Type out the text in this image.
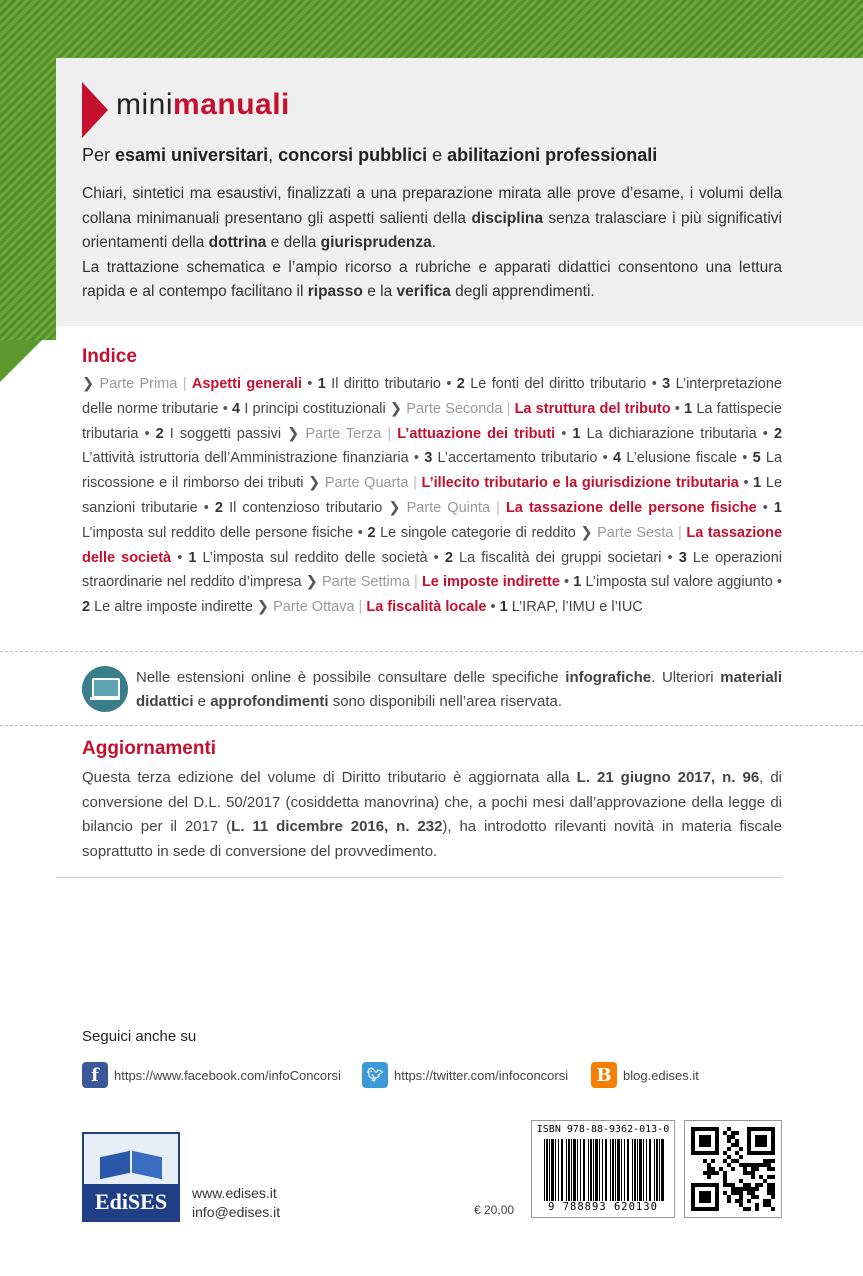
minimanuali
Per esami universitari, concorsi pubblici e abilitazioni professionali

Chiari, sintetici ma esaustivi, finalizzati a una preparazione mirata alle prove d’esame, i volumi della collana minimanuali presentano gli aspetti salienti della disciplina senza tralasciare i più significativi orientamenti della dottrina e della giurisprudenza.

La trattazione schematica e l’ampio ricorso a rubriche e apparati didattici consentono una lettura rapida e al contempo facilitano il ripasso e la verifica degli apprendimenti.

Indice
❯ Parte Prima | Aspetti generali • 1 Il diritto tributario • 2 Le fonti del diritto tributario • 3 L’interpretazione delle norme tributarie • 4 I principi costituzionali ❯ Parte Seconda | La struttura del tributo • 1 La fattispecie tributaria • 2 I soggetti passivi ❯ Parte Terza | L’attuazione dei tributi • 1 La dichiarazione tributaria • 2 L’attività istruttoria dell’Amministrazione finanziaria • 3 L’accertamento tributario • 4 L’elusione fiscale • 5 La riscossione e il rimborso dei tributi ❯ Parte Quarta | L’illecito tributario e la giurisdizione tributaria • 1 Le sanzioni tributarie • 2 Il contenzioso tributario ❯ Parte Quinta | La tassazione delle persone fisiche • 1 L’imposta sul reddito delle persone fisiche • 2 Le singole categorie di reddito ❯ Parte Sesta | La tassazione delle società • 1 L’imposta sul reddito delle società • 2 La fiscalità dei gruppi societari • 3 Le operazioni straordinarie nel reddito d’impresa ❯ Parte Settima | Le imposte indirette • 1 L’imposta sul valore aggiunto • 2 Le altre imposte indirette ❯ Parte Ottava | La fiscalità locale • 1 L’IRAP, l’IMU e l’IUC
Nelle estensioni online è possibile consultare delle specifiche infografiche. Ulteriori materiali didattici e approfondimenti sono disponibili nell’area riservata.
Aggiornamenti
Questa terza edizione del volume di Diritto tributario è aggiornata alla L. 21 giugno 2017, n. 96, di conversione del D.L. 50/2017 (cosiddetta manovrina) che, a pochi mesi dall’approvazione della legge di bilancio per il 2017 (L. 11 dicembre 2016, n. 232), ha introdotto rilevanti novità in materia fiscale soprattutto in sede di conversione del provvedimento.
Seguici anche su
f	https://www.facebook.com/infoConcorsi	🐦︎ https://twitter.com/infoconcorsi B blog.edises.it
EdiSES	www.edises.it
info@edises.it	€ 20,00
ISBN 978-88-9362-013-0
9 788893 620130
